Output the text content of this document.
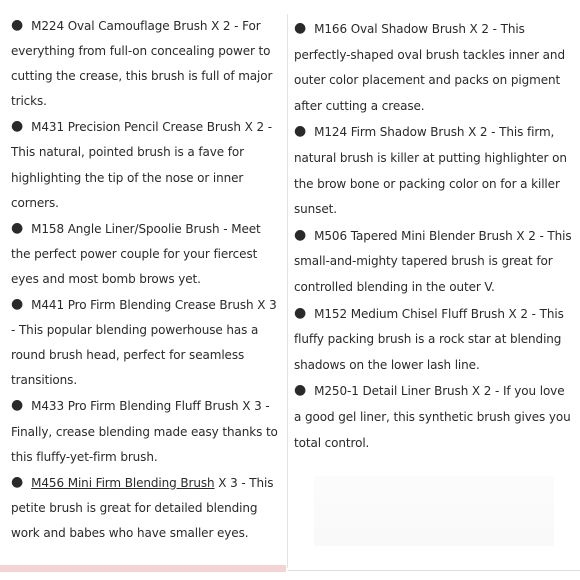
● M224 Oval Camouflage Brush X 2 - For everything from full-on concealing power to cutting the crease, this brush is full of major tricks.

● M431 Precision Pencil Crease Brush X 2 - This natural, pointed brush is a fave for highlighting the tip of the nose or inner corners.

● M158 Angle Liner/Spoolie Brush - Meet the perfect power couple for your fiercest eyes and most bomb brows yet.

● M441 Pro Firm Blending Crease Brush X 3 - This popular blending powerhouse has a round brush head, perfect for seamless transitions.

● M433 Pro Firm Blending Fluff Brush X 3 - Finally, crease blending made easy thanks to this fluffy-yet-firm brush.

● M456 Mini Firm Blending Brush X 3 - This petite brush is great for detailed blending work and babes who have smaller eyes.

● M166 Oval Shadow Brush X 2 - This perfectly-shaped oval brush tackles inner and outer color placement and packs on pigment after cutting a crease.

● M124 Firm Shadow Brush X 2 - This firm, natural brush is killer at putting highlighter on the brow bone or packing color on for a killer sunset.

● M506 Tapered Mini Blender Brush X 2 - This small-and-mighty tapered brush is great for controlled blending in the outer V.

● M152 Medium Chisel Fluff Brush X 2 - This fluffy packing brush is a rock star at blending shadows on the lower lash line.

● M250-1 Detail Liner Brush X 2 - If you love a good gel liner, this synthetic brush gives you total control.
